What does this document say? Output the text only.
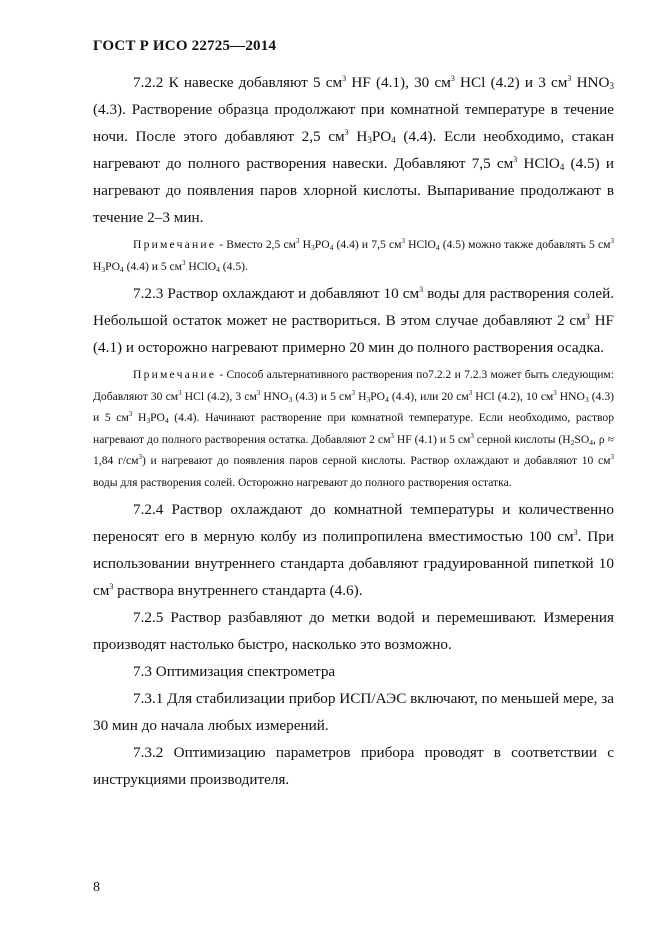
ГОСТ Р ИСО 22725—2014

7.2.2 К навеске добавляют 5 $см^3$ HF (4.1), 30 $см^3$ HCl (4.2) и 3 $см^3$ $HNO_3$ (4.3). Растворение образца продолжают при комнатной температуре в течение ночи. После этого добавляют 2,5 $см^3$ $H_3PO_4$ (4.4). Если необходимо, стакан нагревают до полного растворения навески. Добавляют 7,5 $см^3$ HClO$_4$ (4.5) и нагревают до появления паров хлорной кислоты. Выпаривание продолжают в течение 2–3 мин.

Примечание - Вместо 2,5 $см^3$ $H_3PO_4$ (4.4) и 7,5 $см^3$ HClO$_4$ (4.5) можно также добавлять 5 $см^3$ $H_3PO_4$ (4.4) и 5 $см^3$ HClO$_4$ (4.5).

7.2.3 Раствор охлаждают и добавляют 10 $см^3$ воды для растворения солей. Небольшой остаток может не раствориться. В этом случае добавляют 2 $см^3$ HF (4.1) и осторожно нагревают примерно 20 мин до полного растворения осадка.

Примечание - Способ альтернативного растворения по7.2.2 и 7.2.3 может быть следующим: Добавляют 30 $см^3$ HCl (4.2), 3 $см^3$ $HNO_3$ (4.3) и 5 $см^3$ $H_3PO_4$ (4.4), или 20 $см^3$ HCl (4.2), 10 $см^3$ $HNO_3$ (4.3) и 5 $см^3$ $H_3PO_4$ (4.4). Начинают растворение при комнатной температуре. Если необходимо, раствор нагревают до полного растворения остатка. Добавляют 2 $см^3$ HF (4.1) и 5 $см^3$ серной кислоты ($H_2SO_4$, ρ ≈ 1,84 $г/см^3$) и нагревают до появления паров серной кислоты. Раствор охлаждают и добавляют 10 $см^3$ воды для растворения солей. Осторожно нагревают до полного растворения остатка.

7.2.4 Раствор охлаждают до комнатной температуры и количественно переносят его в мерную колбу из полипропилена вместимостью 100 $см^3$. При использовании внутреннего стандарта добавляют градуированной пипеткой 10 $см^3$ раствора внутреннего стандарта (4.6).

7.2.5 Раствор разбавляют до метки водой и перемешивают. Измерения производят настолько быстро, насколько это возможно.

7.3 Оптимизация спектрометра

7.3.1 Для стабилизации прибор ИСП/АЭС включают, по меньшей мере, за 30 мин до начала любых измерений.

7.3.2 Оптимизацию параметров прибора проводят в соответствии с инструкциями производителя.

8
